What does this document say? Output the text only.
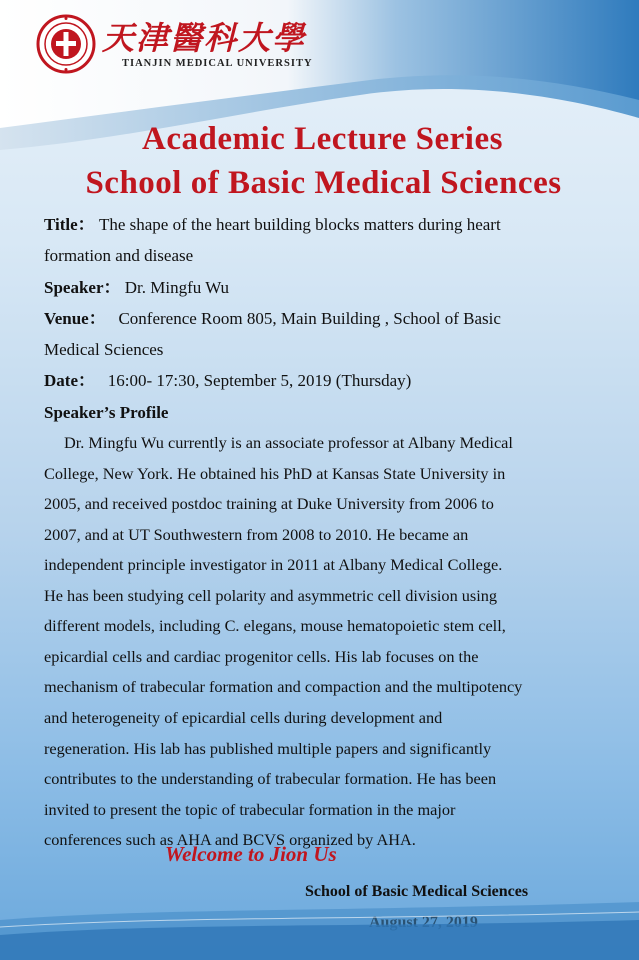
天津醫科大學
TIANJIN MEDICAL UNIVERSITY
Academic Lecture Series
School of Basic Medical Sciences
Title： The shape of the heart building blocks matters during heart
formation and disease
Speaker： Dr. Mingfu Wu
Venue： Conference Room 805, Main Building , School of Basic
Medical Sciences
Date： 16:00- 17:30, September 5, 2019 (Thursday)
Speaker’s Profile
Dr. Mingfu Wu currently is an associate professor at Albany Medical
College, New York. He obtained his PhD at Kansas State University in
2005, and received postdoc training at Duke University from 2006 to
2007, and at UT Southwestern from 2008 to 2010. He became an
independent principle investigator in 2011 at Albany Medical College.
He has been studying cell polarity and asymmetric cell division using
different models, including C. elegans, mouse hematopoietic stem cell,
epicardial cells and cardiac progenitor cells. His lab focuses on the
mechanism of trabecular formation and compaction and the multipotency
and heterogeneity of epicardial cells during development and
regeneration. His lab has published multiple papers and significantly
contributes to the understanding of trabecular formation. He has been
invited to present the topic of trabecular formation in the major
conferences such as AHA and BCVS organized by AHA.
Welcome to Jion Us
School of Basic Medical Sciences
